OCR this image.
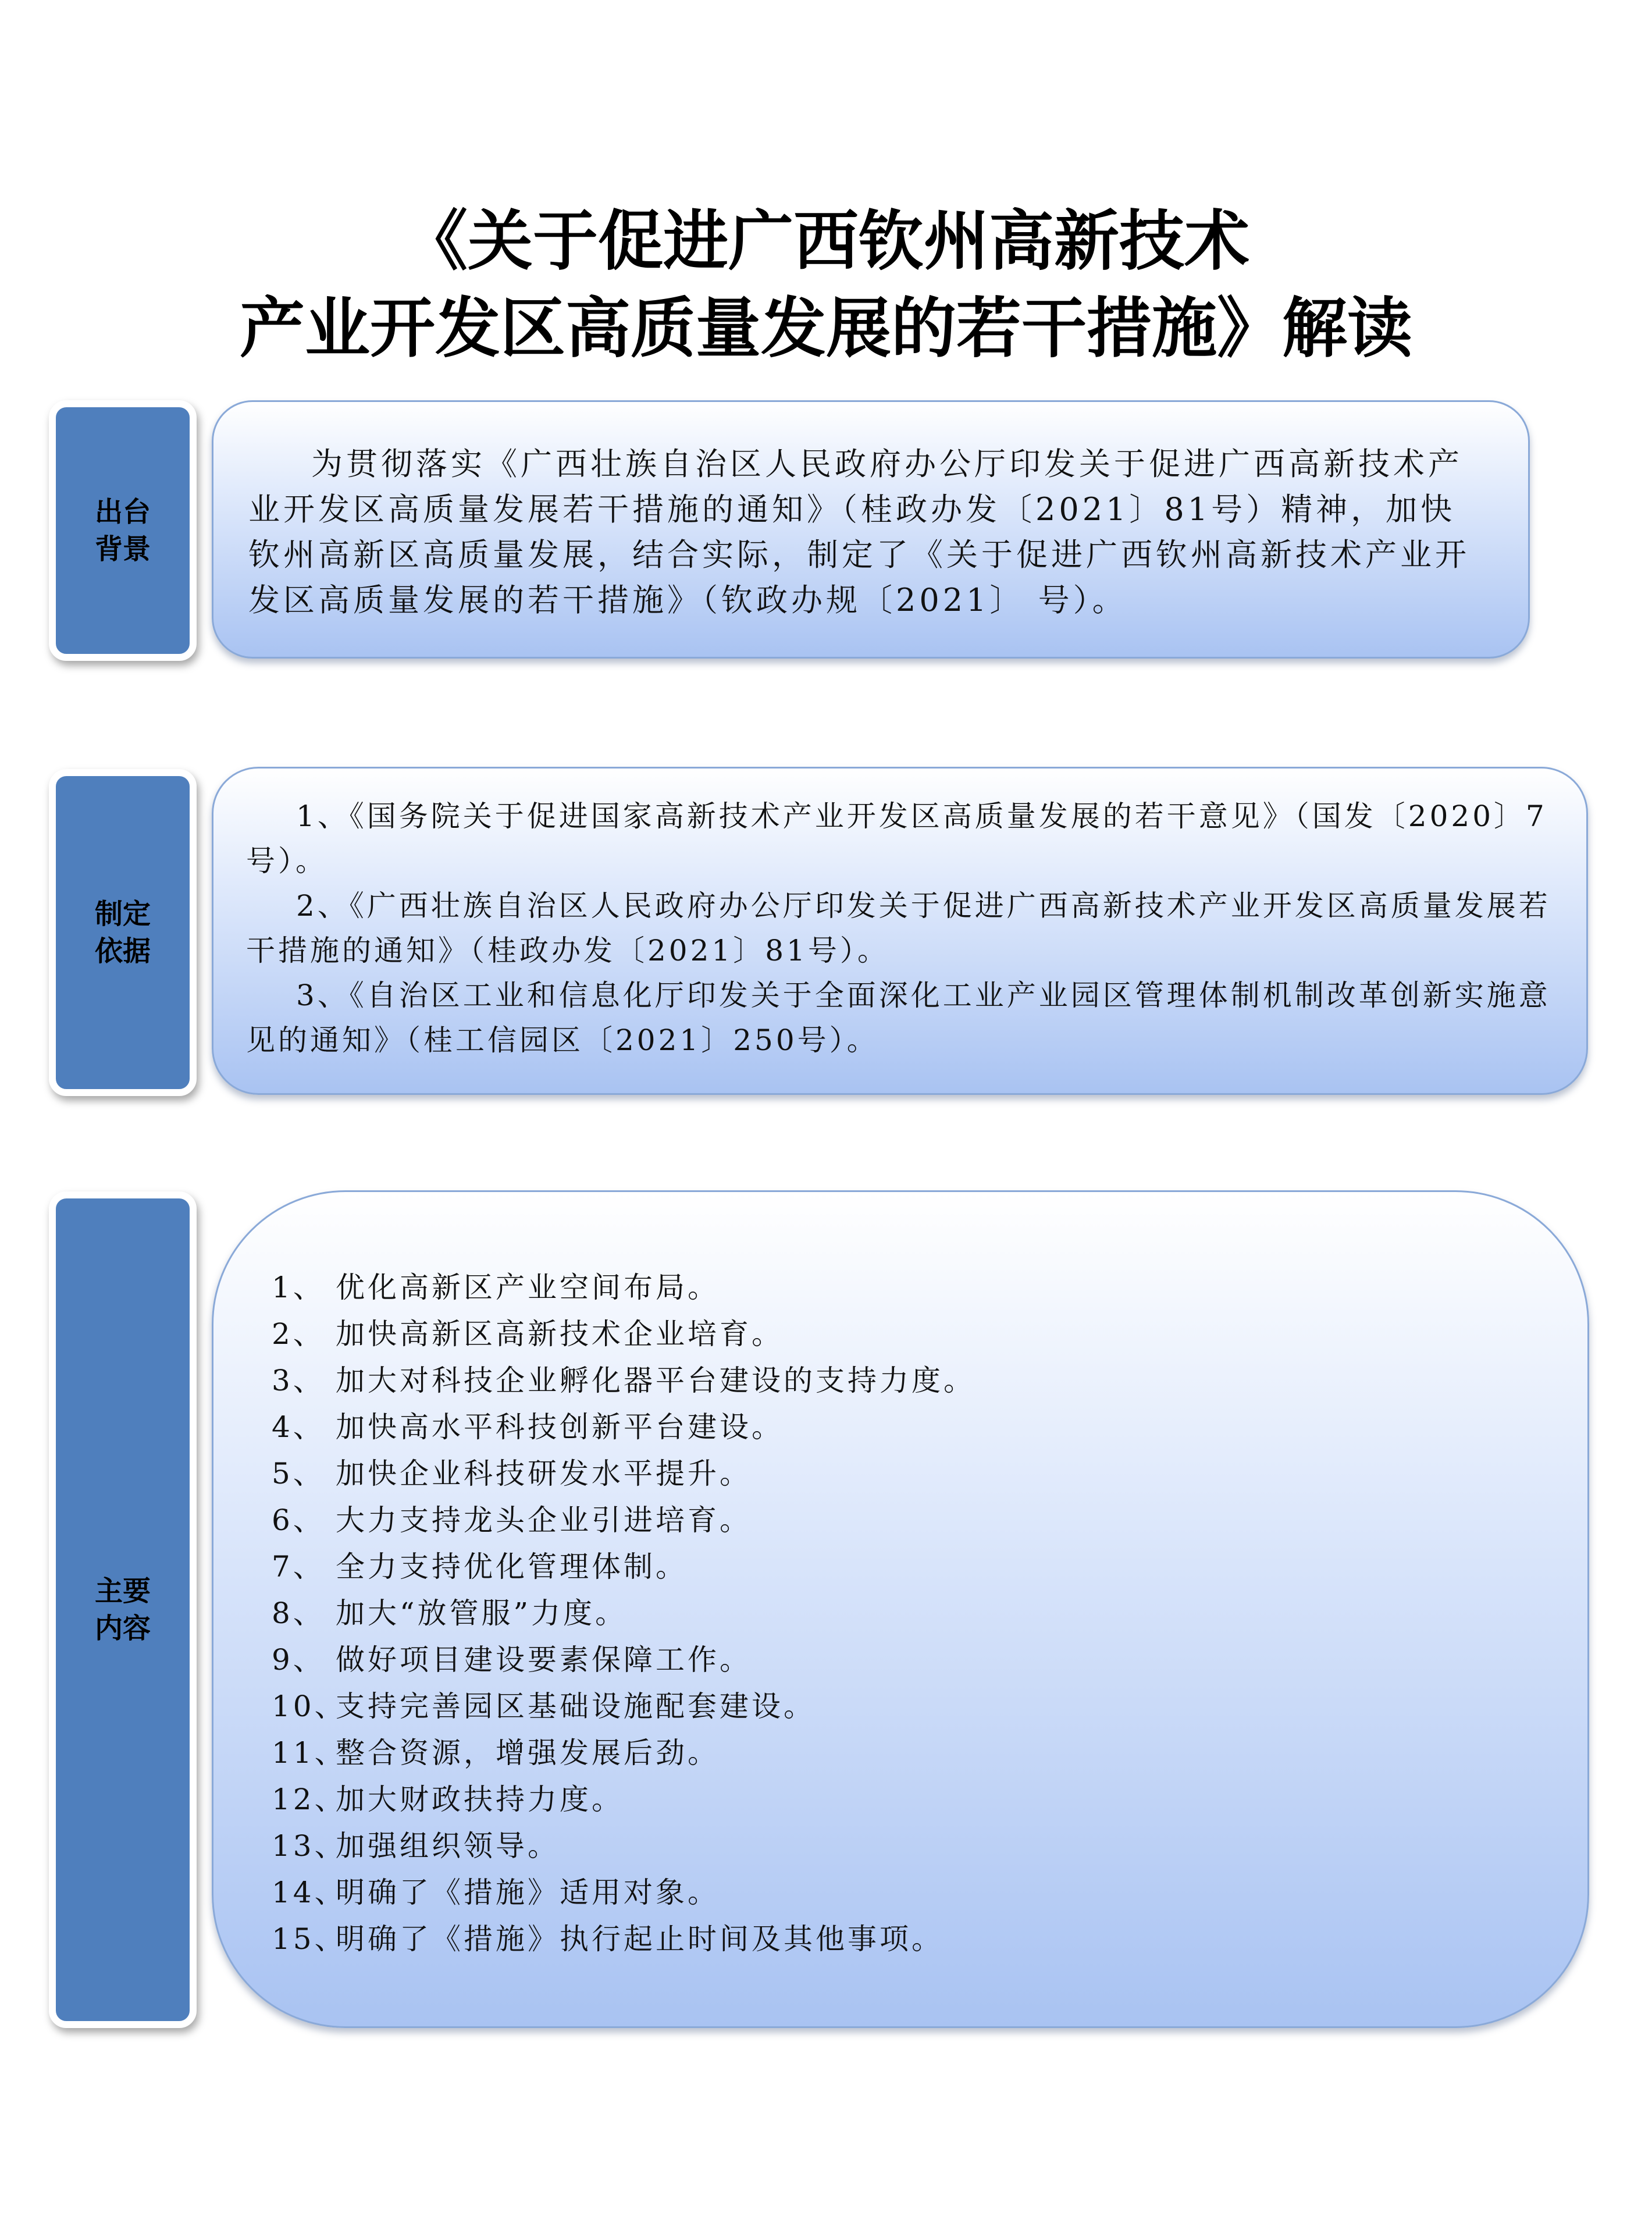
《关于促进广西钦州高新技术
产业开发区高质量发展的若干措施》解读
出台
背景
为贯彻落实《广西壮族自治区人民政府办公厅印发关于促进广西高新技术产业开发区高质量发展若干措施的通知》（桂政办发〔2021〕81号）精神，加快钦州高新区高质量发展，结合实际，制定了《关于促进广西钦州高新技术产业开发区高质量发展的若干措施》（钦政办规〔2021〕 号）。
制定
依据
1、《国务院关于促进国家高新技术产业开发区高质量发展的若干意见》（国发〔2020〕7号）。
2、《广西壮族自治区人民政府办公厅印发关于促进广西高新技术产业开发区高质量发展若干措施的通知》（桂政办发〔2021〕81号）。
3、《自治区工业和信息化厅印发关于全面深化工业产业园区管理体制机制改革创新实施意见的通知》（桂工信园区〔2021〕250号）。
主要
内容
1、 优化高新区产业空间布局。
2、 加快高新区高新技术企业培育。
3、 加大对科技企业孵化器平台建设的支持力度。
4、 加快高水平科技创新平台建设。
5、 加快企业科技研发水平提升。
6、 大力支持龙头企业引进培育。
7、 全力支持优化管理体制。
8、 加大“放管服”力度。
9、 做好项目建设要素保障工作。
10、支持完善园区基础设施配套建设。
11、整合资源，增强发展后劲。
12、加大财政扶持力度。
13、加强组织领导。
14、明确了《措施》适用对象。
15、明确了《措施》执行起止时间及其他事项。
